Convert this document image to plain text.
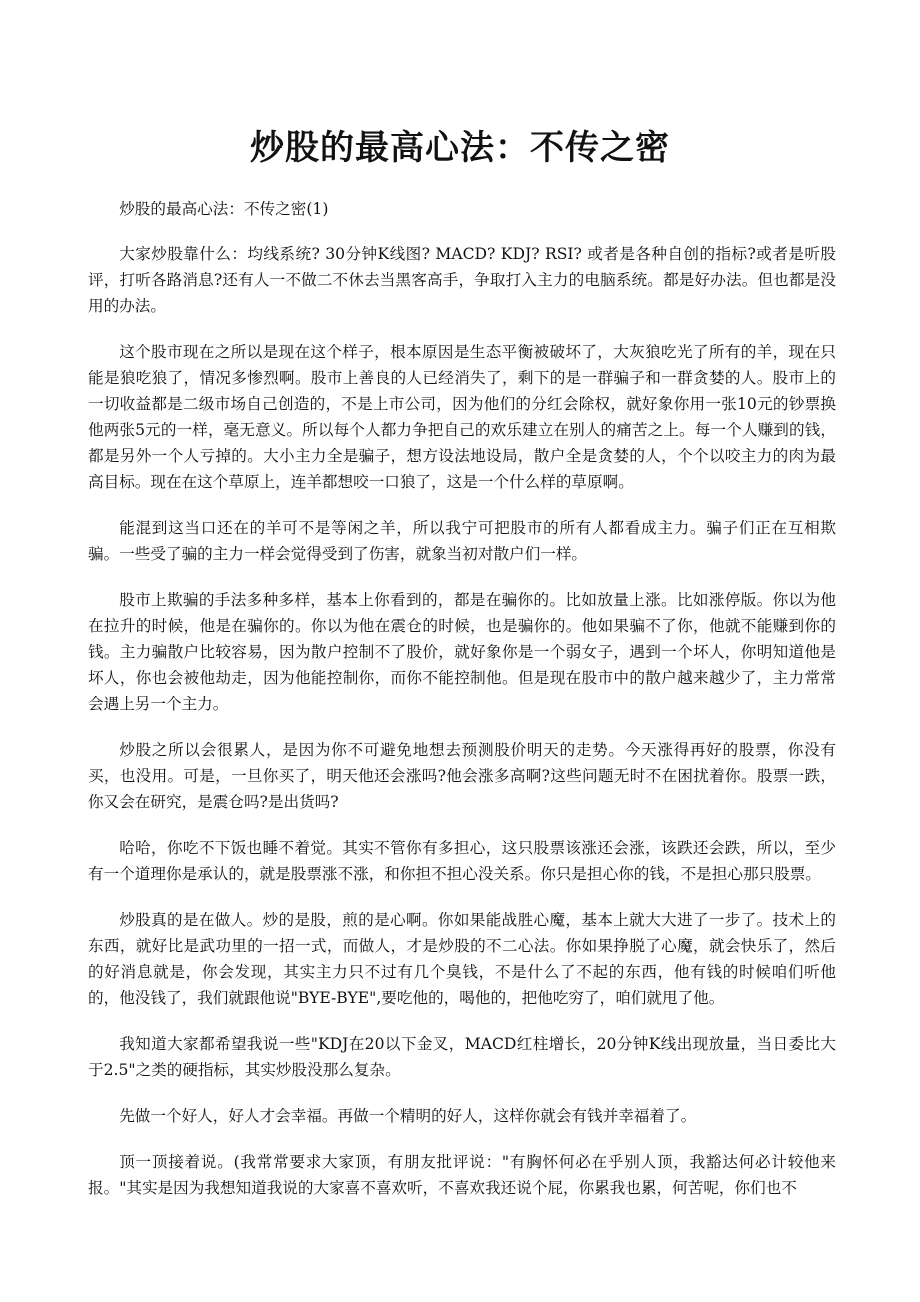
炒股的最高心法：不传之密

炒股的最高心法：不传之密(1)

大家炒股靠什么：均线系统? 30分钟K线图? MACD? KDJ? RSI? 或者是各种自创的指标?或者是听股评，打听各路消息?还有人一不做二不休去当黑客高手，争取打入主力的电脑系统。都是好办法。但也都是没用的办法。

这个股市现在之所以是现在这个样子，根本原因是生态平衡被破坏了，大灰狼吃光了所有的羊，现在只能是狼吃狼了，情况多惨烈啊。股市上善良的人已经消失了，剩下的是一群骗子和一群贪婪的人。股市上的一切收益都是二级市场自己创造的，不是上市公司，因为他们的分红会除权，就好象你用一张10元的钞票换他两张5元的一样，毫无意义。所以每个人都力争把自己的欢乐建立在别人的痛苦之上。每一个人赚到的钱，都是另外一个人亏掉的。大小主力全是骗子，想方设法地设局，散户全是贪婪的人，个个以咬主力的肉为最高目标。现在在这个草原上，连羊都想咬一口狼了，这是一个什么样的草原啊。

能混到这当口还在的羊可不是等闲之羊，所以我宁可把股市的所有人都看成主力。骗子们正在互相欺骗。一些受了骗的主力一样会觉得受到了伤害，就象当初对散户们一样。

股市上欺骗的手法多种多样，基本上你看到的，都是在骗你的。比如放量上涨。比如涨停版。你以为他在拉升的时候，他是在骗你的。你以为他在震仓的时候，也是骗你的。他如果骗不了你，他就不能赚到你的钱。主力骗散户比较容易，因为散户控制不了股价，就好象你是一个弱女子，遇到一个坏人，你明知道他是坏人，你也会被他劫走，因为他能控制你，而你不能控制他。但是现在股市中的散户越来越少了，主力常常会遇上另一个主力。

炒股之所以会很累人，是因为你不可避免地想去预测股价明天的走势。今天涨得再好的股票，你没有买，也没用。可是，一旦你买了，明天他还会涨吗?他会涨多高啊?这些问题无时不在困扰着你。股票一跌，你又会在研究，是震仓吗?是出货吗?

哈哈，你吃不下饭也睡不着觉。其实不管你有多担心，这只股票该涨还会涨，该跌还会跌，所以，至少有一个道理你是承认的，就是股票涨不涨，和你担不担心没关系。你只是担心你的钱，不是担心那只股票。

炒股真的是在做人。炒的是股，煎的是心啊。你如果能战胜心魔，基本上就大大进了一步了。技术上的东西，就好比是武功里的一招一式，而做人，才是炒股的不二心法。你如果挣脱了心魔，就会快乐了，然后的好消息就是，你会发现，其实主力只不过有几个臭钱，不是什么了不起的东西，他有钱的时候咱们听他的，他没钱了，我们就跟他说"BYE-BYE",要吃他的，喝他的，把他吃穷了，咱们就甩了他。

我知道大家都希望我说一些"KDJ在20以下金叉，MACD红柱增长，20分钟K线出现放量，当日委比大于2.5"之类的硬指标，其实炒股没那么复杂。

先做一个好人，好人才会幸福。再做一个精明的好人，这样你就会有钱并幸福着了。

顶一顶接着说。(我常常要求大家顶，有朋友批评说："有胸怀何必在乎别人顶，我豁达何必计较他来报。"其实是因为我想知道我说的大家喜不喜欢听，不喜欢我还说个屁，你累我也累，何苦呢，你们也不
